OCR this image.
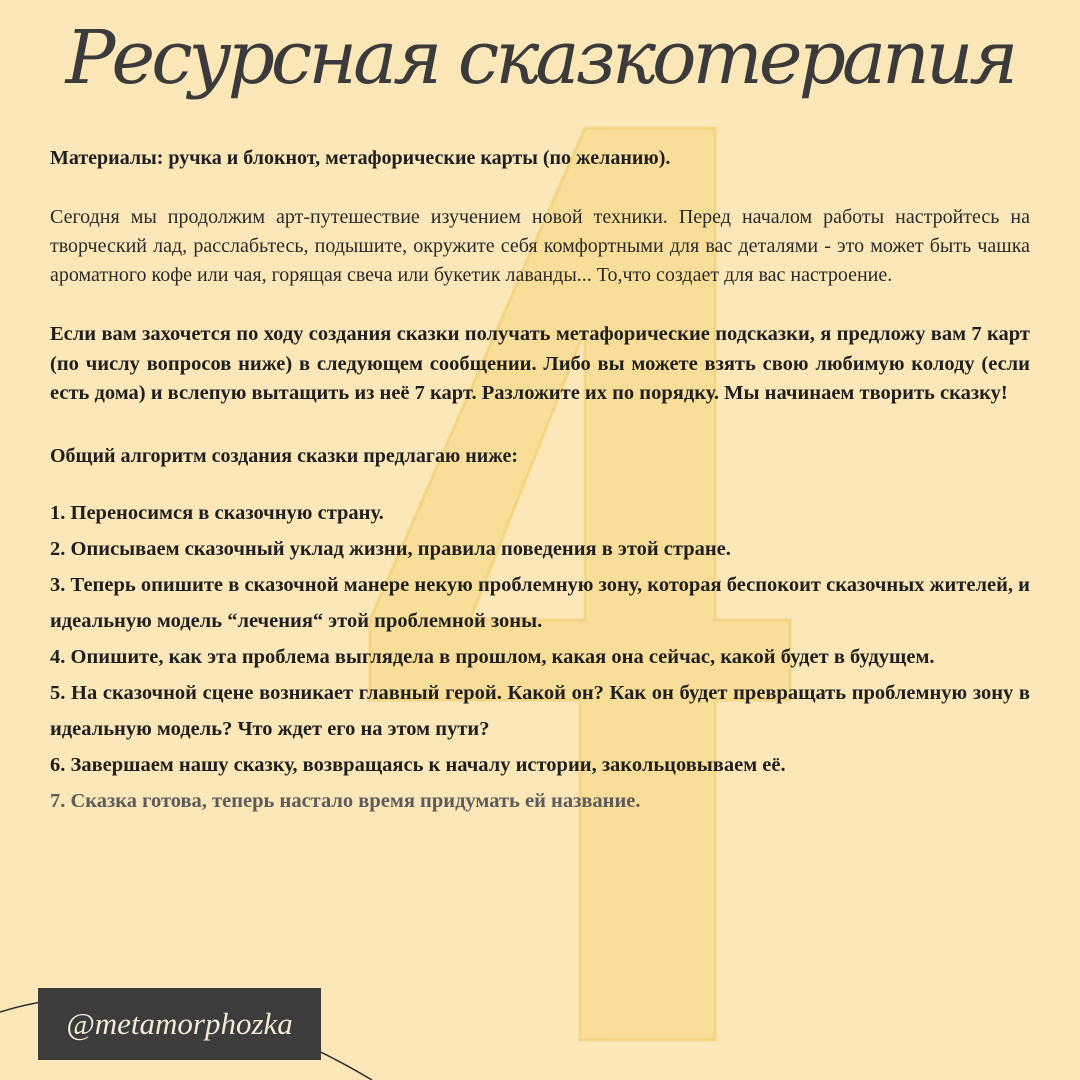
Ресурсная сказкотерапия

Материалы: ручка и блокнот, метафорические карты (по желанию).

Сегодня мы продолжим арт-путешествие изучением новой техники. Перед началом работы настройтесь на творческий лад, расслабьтесь, подышите, окружите себя комфортными для вас деталями - это может быть чашка ароматного кофе или чая, горящая свеча или букетик лаванды... То,что создает для вас настроение.

Если вам захочется по ходу создания сказки получать метафорические подсказки, я предложу вам 7 карт (по числу вопросов ниже) в следующем сообщении. Либо вы можете взять свою любимую колоду (если есть дома) и вслепую вытащить из неё 7 карт. Разложите их по порядку. Мы начинаем творить сказку!

Общий алгоритм создания сказки предлагаю ниже:

1. Переносимся в сказочную страну.
2. Описываем сказочный уклад жизни, правила поведения в этой стране.
3. Теперь опишите в сказочной манере некую проблемную зону, которая беспокоит сказочных жителей, и идеальную модель “лечения“ этой проблемной зоны.
4. Опишите, как эта проблема выглядела в прошлом, какая она сейчас, какой будет в будущем.
5. На сказочной сцене возникает главный герой. Какой он? Как он будет превращать проблемную зону в идеальную модель? Что ждет его на этом пути?
6. Завершаем нашу сказку, возвращаясь к началу истории, закольцовываем её.
7. Сказка готова, теперь настало время придумать ей название.
@metamorphozka
